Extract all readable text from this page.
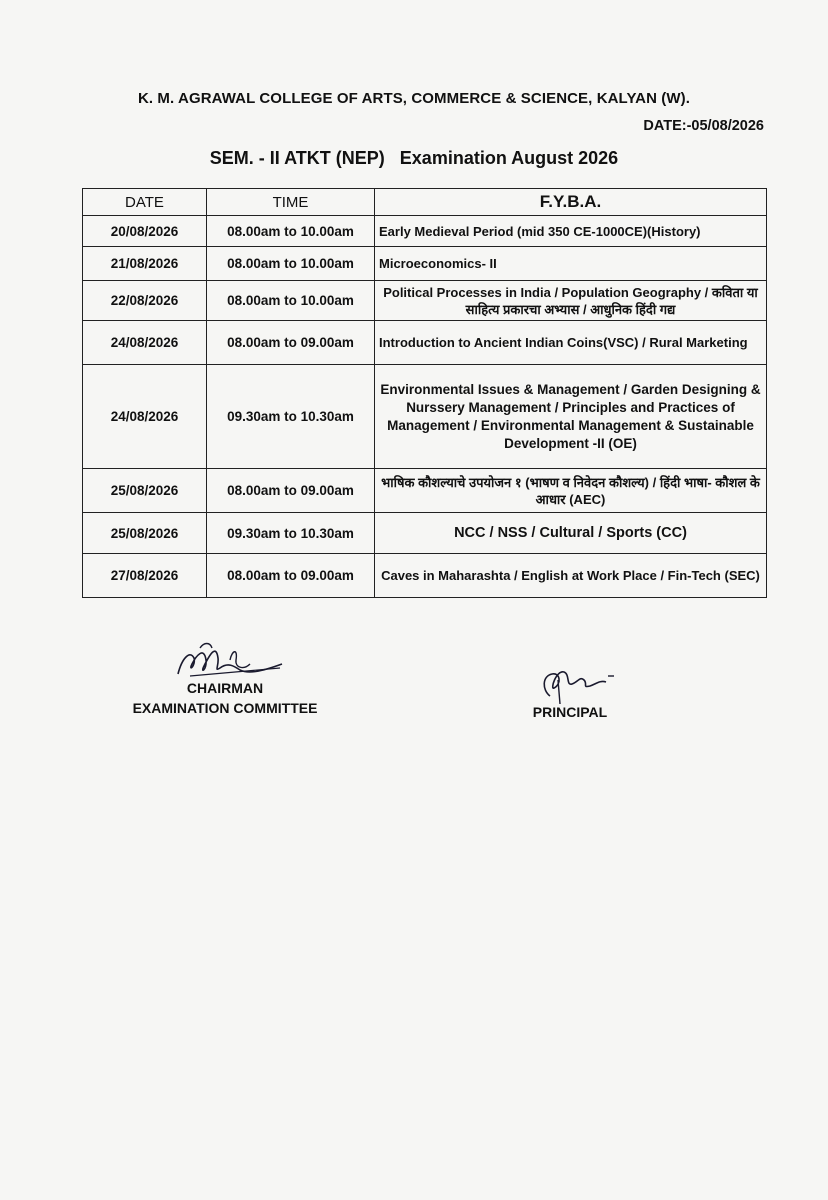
K. M. AGRAWAL COLLEGE OF ARTS, COMMERCE & SCIENCE, KALYAN (W).
DATE:-05/08/2026
SEM. - II ATKT (NEP)   Examination August 2026
DATE	TIME	F.Y.B.A.
20/08/2026	08.00am to 10.00am	Early Medieval Period (mid 350 CE-1000CE)(History)
21/08/2026	08.00am to 10.00am	Microeconomics- II
22/08/2026	08.00am to 10.00am	Political Processes in India / Population Geography / कविता या साहित्य प्रकारचा अभ्यास / आधुनिक हिंदी गद्य
24/08/2026	08.00am to 09.00am	Introduction to Ancient Indian Coins(VSC) / Rural Marketing
24/08/2026	09.30am to 10.30am	Environmental Issues & Management / Garden Designing & Nurssery Management / Principles and Practices of Management / Environmental Management & Sustainable Development -II (OE)
25/08/2026	08.00am to 09.00am	भाषिक कौशल्याचे उपयोजन १ (भाषण व निवेदन कौशल्य) / हिंदी भाषा- कौशल के आधार (AEC)
25/08/2026	09.30am to 10.30am	NCC / NSS / Cultural / Sports (CC)
27/08/2026	08.00am to 09.00am	Caves in Maharashta / English at Work Place / Fin-Tech (SEC)
CHAIRMAN
EXAMINATION COMMITTEE	PRINCIPAL
